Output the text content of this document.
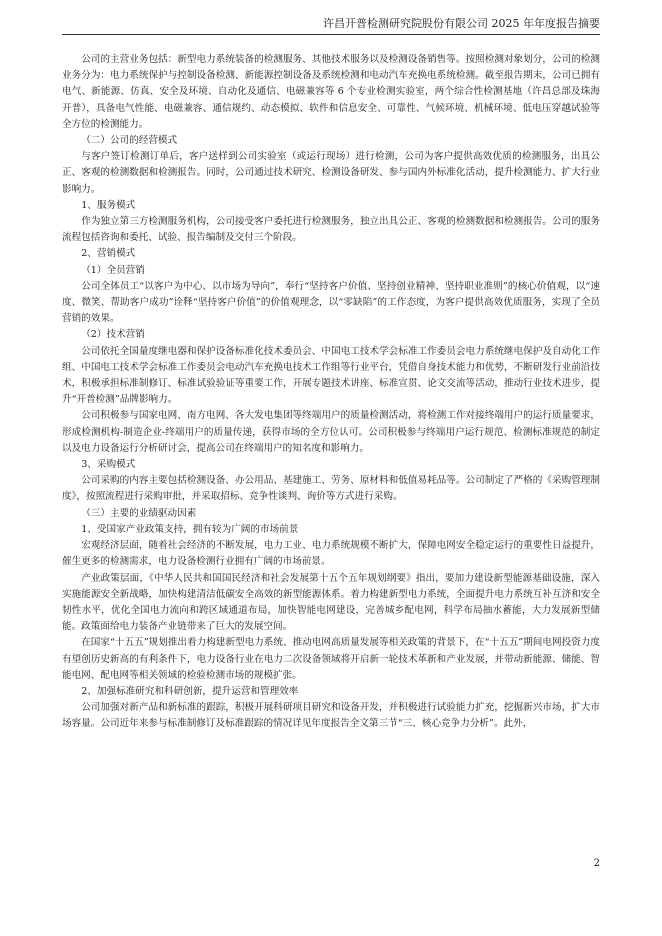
许昌开普检测研究院股份有限公司 2025 年年度报告摘要

公司的主营业务包括：新型电力系统装备的检测服务、其他技术服务以及检测设备销售等。按照检测对象划分，公司的检测业务分为：电力系统保护与控制设备检测、新能源控制设备及系统检测和电动汽车充换电系统检测。截至报告期末，公司已拥有电气、新能源、仿真、安全及环境、自动化及通信、电磁兼容等 6 个专业检测实验室，两个综合性检测基地（许昌总部及珠海开普），具备电气性能、电磁兼容、通信规约、动态模拟、软件和信息安全、可靠性、气候环境、机械环境、低电压穿越试验等全方位的检测能力。

（二）公司的经营模式

与客户签订检测订单后，客户送样到公司实验室（或运行现场）进行检测，公司为客户提供高效优质的检测服务，出具公正、客观的检测数据和检测报告。同时，公司通过技术研究、检测设备研发、参与国内外标准化活动，提升检测能力、扩大行业影响力。

1、服务模式

作为独立第三方检测服务机构，公司接受客户委托进行检测服务，独立出具公正、客观的检测数据和检测报告。公司的服务流程包括咨询和委托、试验、报告编制及交付三个阶段。

2、营销模式

（1）全员营销

公司全体员工“以客户为中心、以市场为导向”，奉行“坚持客户价值、坚持创业精神、坚持职业准则”的核心价值观，以“速度、微笑、帮助客户成功”诠释“坚持客户价值”的价值观理念，以“零缺陷”的工作态度，为客户提供高效优质服务，实现了全员营销的效果。

（2）技术营销

公司依托全国量度继电器和保护设备标准化技术委员会、中国电工技术学会标准工作委员会电力系统继电保护及自动化工作组、中国电工技术学会标准工作委员会电动汽车充换电技术工作组等行业平台，凭借自身技术能力和优势，不断研发行业前沿技术，积极承担标准制修订、标准试验验证等重要工作，开展专题技术讲座、标准宣贯、论文交流等活动，推动行业技术进步，提升“开普检测”品牌影响力。

公司积极参与国家电网、南方电网、各大发电集团等终端用户的质量检测活动，将检测工作对接终端用户的运行质量要求，形成检测机构-制造企业-终端用户的质量传递，获得市场的全方位认可。公司积极参与终端用户运行规范、检测标准规范的制定以及电力设备运行分析研讨会，提高公司在终端用户的知名度和影响力。

3、采购模式

公司采购的内容主要包括检测设备、办公用品、基建施工、劳务、原材料和低值易耗品等。公司制定了严格的《采购管理制度》，按照流程进行采购审批，并采取招标、竞争性谈判、询价等方式进行采购。

（三）主要的业绩驱动因素

1、受国家产业政策支持，拥有较为广阔的市场前景

宏观经济层面，随着社会经济的不断发展，电力工业、电力系统规模不断扩大，保障电网安全稳定运行的重要性日益提升，催生更多的检测需求，电力设备检测行业拥有广阔的市场前景。

产业政策层面，《中华人民共和国国民经济和社会发展第十五个五年规划纲要》指出，要加力建设新型能源基础设施，深入实施能源安全新战略，加快构建清洁低碳安全高效的新型能源体系。着力构建新型电力系统，全面提升电力系统互补互济和安全韧性水平，优化全国电力流向和跨区域通道布局，加快智能电网建设，完善城乡配电网，科学布局抽水蓄能，大力发展新型储能。政策面给电力装备产业链带来了巨大的发展空间。

在国家“十五五”规划推出着力构建新型电力系统、推动电网高质量发展等相关政策的背景下，在“十五五”期间电网投资力度有望创历史新高的有利条件下，电力设备行业在电力二次设备领域将开启新一轮技术革新和产业发展，并带动新能源、储能、智能电网、配电网等相关领域的检验检测市场的规模扩张。

2、加强标准研究和科研创新，提升运营和管理效率

公司加强对新产品和新标准的跟踪，积极开展科研项目研究和设备开发，并积极进行试验能力扩充，挖掘新兴市场，扩大市场容量。公司近年来参与标准制修订及标准跟踪的情况详见年度报告全文第三节“三、核心竞争力分析”。此外，

2
